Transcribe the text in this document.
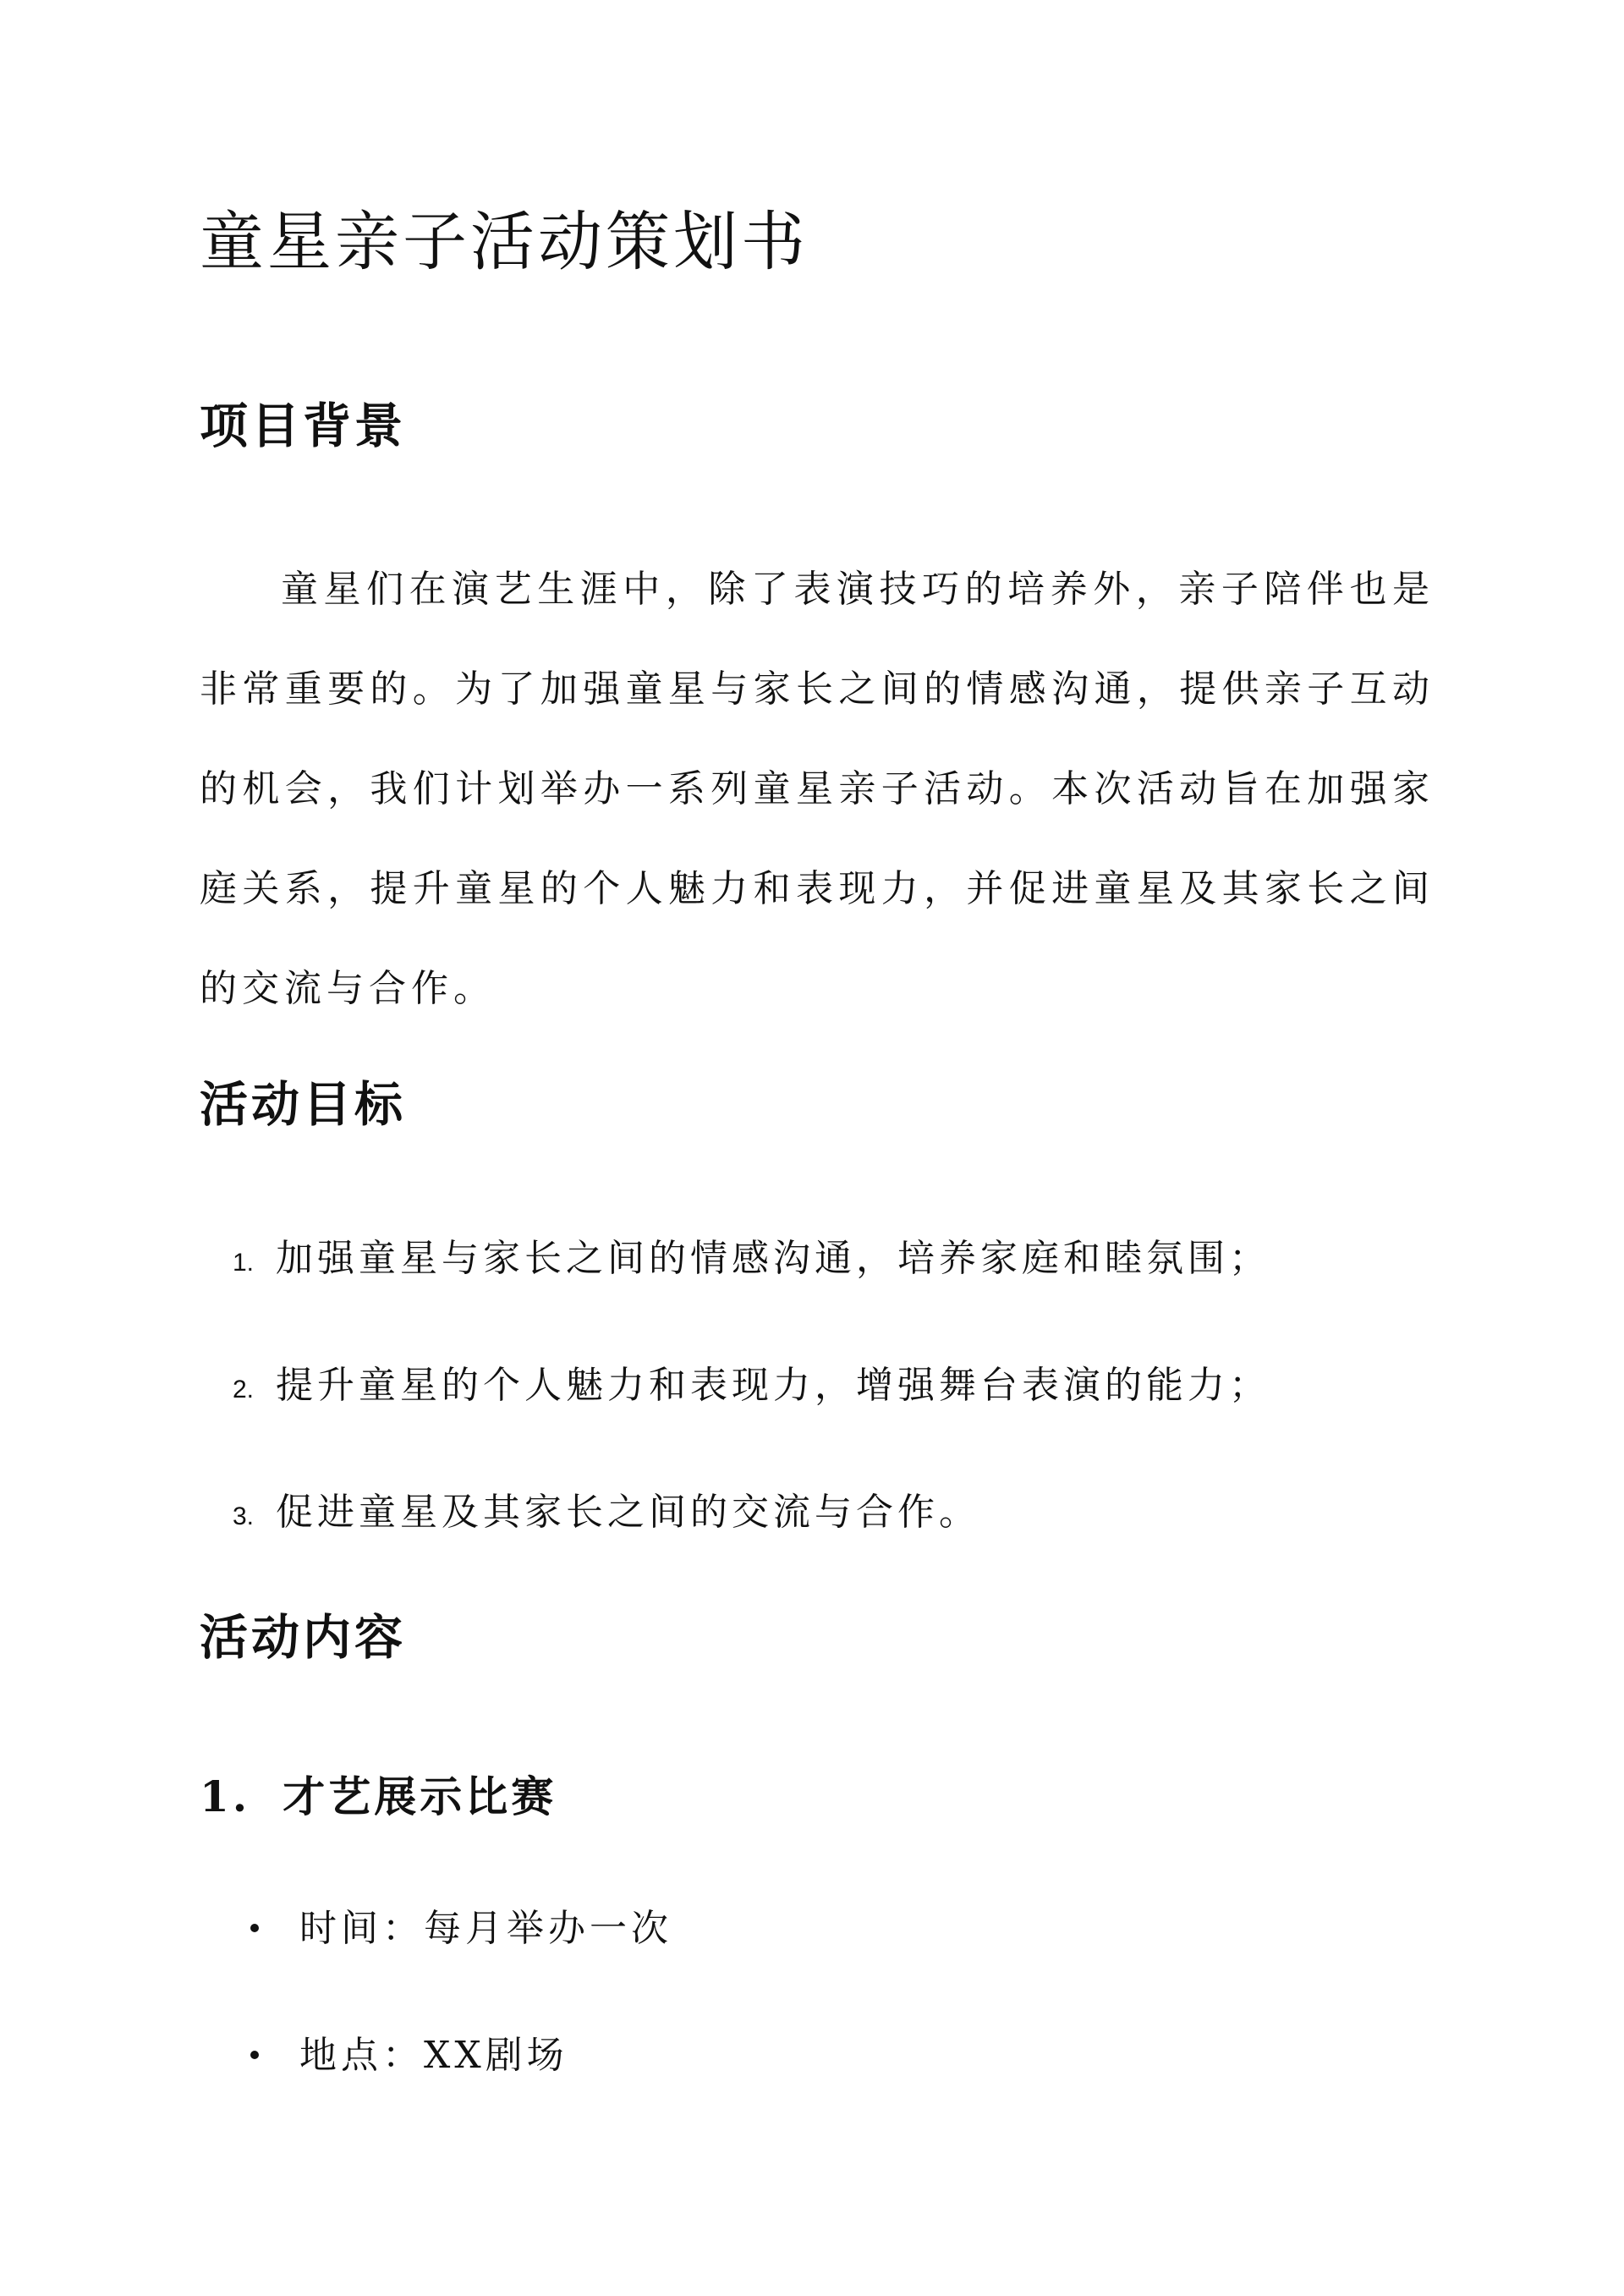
童星亲子活动策划书
项目背景

童星们在演艺生涯中，除了表演技巧的培养外，亲子陪伴也是非常重要的。为了加强童星与家长之间的情感沟通，提供亲子互动的机会，我们计划举办一系列童星亲子活动。本次活动旨在加强家庭关系，提升童星的个人魅力和表现力，并促进童星及其家长之间的交流与合作。

活动目标
1. 加强童星与家长之间的情感沟通，培养家庭和睦氛围；
2. 提升童星的个人魅力和表现力，增强舞台表演的能力；
3. 促进童星及其家长之间的交流与合作。
活动内容
1. 才艺展示比赛
时间：每月举办一次
地点：XX剧场
